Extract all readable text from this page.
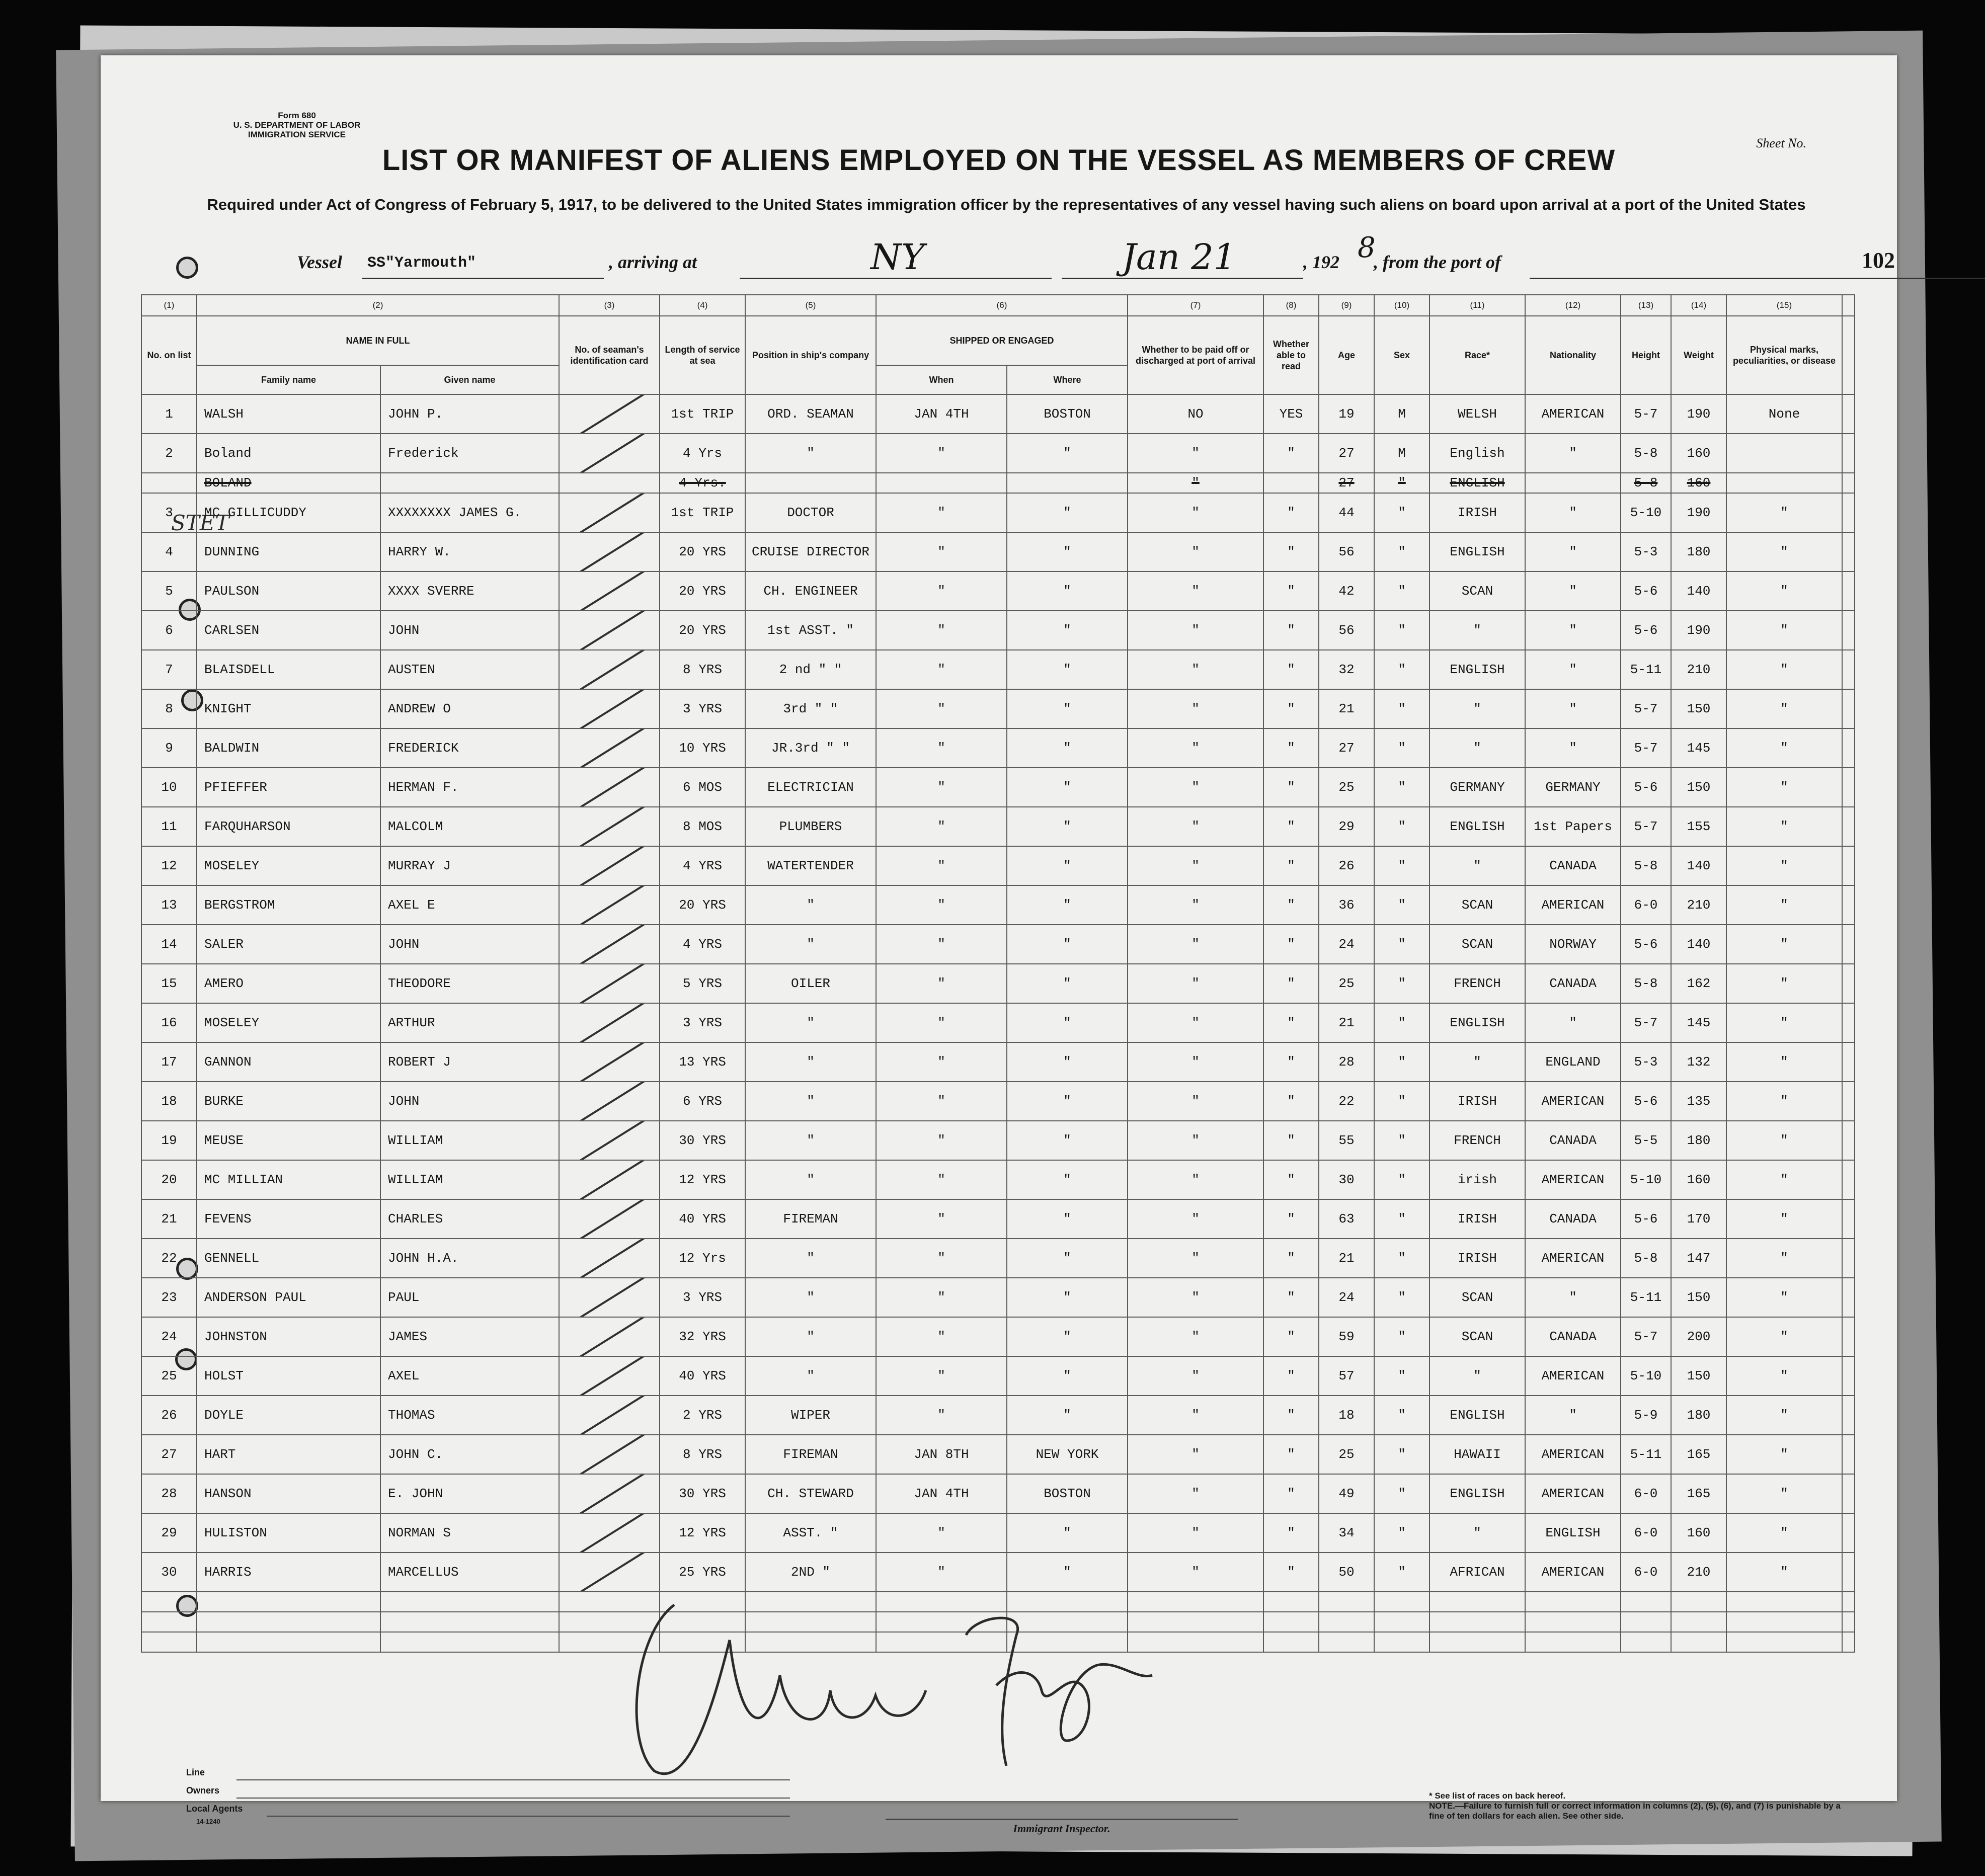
Form 680
U. S. DEPARTMENT OF LABOR
IMMIGRATION SERVICE
Sheet No.
LIST OR MANIFEST OF ALIENS EMPLOYED ON THE VESSEL AS MEMBERS OF CREW
Required under Act of Congress of February 5, 1917, to be delivered to the United States immigration officer by the representatives of any vessel having such aliens on board upon arrival at a port of the United States
Vessel SS"Yarmouth"	, arriving at	NY	Jan 21	, 192 8
, from the port of	102
STET
(1)	(2)		(3)	(4)	(5)	(6)		(7)	(8)	(9)	(10)	(11)	(12)	(13)	(14)	(15)	
No. on list	NAME IN FULL		No. of seaman's identification card	Length of service at sea	Position in ship's company	SHIPPED OR ENGAGED		Whether to be paid off or discharged at port of arrival	Whether able to read	Age	Sex	Race*	Nationality	Height	Weight	Physical marks, peculiarities, or disease	
	Family name	Given name				When	Where										
1	WALSH	JOHN P.		1st TRIP	ORD. SEAMAN	JAN 4TH	BOSTON	NO	YES	19	M	WELSH	AMERICAN	5-7	190	None	
2	Boland	Frederick		4 Yrs	"	"	"	"	"	27	M	English	"	5-8	160		
	BOLAND			4 Yrs.				"		27	"	ENGLISH		5-8	160		
3	MC GILLICUDDY	XXXXXXXX JAMES G.		1st TRIP	DOCTOR	"	"	"	"	44	"	IRISH	"	5-10	190	"	
4	DUNNING	HARRY W.		20 YRS	CRUISE DIRECTOR	"	"	"	"	56	"	ENGLISH	"	5-3	180	"	
5	PAULSON	XXXX SVERRE		20 YRS	CH. ENGINEER	"	"	"	"	42	"	SCAN	"	5-6	140	"	
6	CARLSEN	JOHN		20 YRS	1st ASST. "	"	"	"	"	56	"	"	"	5-6	190	"	
7	BLAISDELL	AUSTEN		8 YRS	2 nd " "	"	"	"	"	32	"	ENGLISH	"	5-11	210	"	
8	KNIGHT	ANDREW O		3 YRS	3rd " "	"	"	"	"	21	"	"	"	5-7	150	"	
9	BALDWIN	FREDERICK		10 YRS	JR.3rd " "	"	"	"	"	27	"	"	"	5-7	145	"	
10	PFIEFFER	HERMAN F.		6 MOS	ELECTRICIAN	"	"	"	"	25	"	GERMANY	GERMANY	5-6	150	"	
11	FARQUHARSON	MALCOLM		8 MOS	PLUMBERS	"	"	"	"	29	"	ENGLISH	1st Papers	5-7	155	"	
12	MOSELEY	MURRAY J		4 YRS	WATERTENDER	"	"	"	"	26	"	"	CANADA	5-8	140	"	
13	BERGSTROM	AXEL E		20 YRS	"	"	"	"	"	36	"	SCAN	AMERICAN	6-0	210	"	
14	SALER	JOHN		4 YRS	"	"	"	"	"	24	"	SCAN	NORWAY	5-6	140	"	
15	AMERO	THEODORE		5 YRS	OILER	"	"	"	"	25	"	FRENCH	CANADA	5-8	162	"	
16	MOSELEY	ARTHUR		3 YRS	"	"	"	"	"	21	"	ENGLISH	"	5-7	145	"	
17	GANNON	ROBERT J		13 YRS	"	"	"	"	"	28	"	"	ENGLAND	5-3	132	"	
18	BURKE	JOHN		6 YRS	"	"	"	"	"	22	"	IRISH	AMERICAN	5-6	135	"	
19	MEUSE	WILLIAM		30 YRS	"	"	"	"	"	55	"	FRENCH	CANADA	5-5	180	"	
20	MC MILLIAN	WILLIAM		12 YRS	"	"	"	"	"	30	"	irish	AMERICAN	5-10	160	"	
21	FEVENS	CHARLES		40 YRS	FIREMAN	"	"	"	"	63	"	IRISH	CANADA	5-6	170	"	
22	GENNELL	JOHN H.A.		12 Yrs	"	"	"	"	"	21	"	IRISH	AMERICAN	5-8	147	"	
23	ANDERSON PAUL	PAUL		3 YRS	"	"	"	"	"	24	"	SCAN	"	5-11	150	"	
24	JOHNSTON	JAMES		32 YRS	"	"	"	"	"	59	"	SCAN	CANADA	5-7	200	"	
25	HOLST	AXEL		40 YRS	"	"	"	"	"	57	"	"	AMERICAN	5-10	150	"	
26	DOYLE	THOMAS		2 YRS	WIPER	"	"	"	"	18	"	ENGLISH	"	5-9	180	"	
27	HART	JOHN C.		8 YRS	FIREMAN	JAN 8TH	NEW YORK	"	"	25	"	HAWAII	AMERICAN	5-11	165	"	
28	HANSON	E. JOHN		30 YRS	CH. STEWARD	JAN 4TH	BOSTON	"	"	49	"	ENGLISH	AMERICAN	6-0	165	"	
29	HULISTON	NORMAN S		12 YRS	ASST. "	"	"	"	"	34	"	"	ENGLISH	6-0	160	"	
30	HARRIS	MARCELLUS		25 YRS	2ND "	"	"	"	"	50	"	AFRICAN	AMERICAN	6-0	210	"	

Line
Owners
Local Agents
14-1240
Immigrant Inspector.
* See list of races on back hereof.
NOTE.—Failure to furnish full or correct information in columns (2), (5), (6), and (7) is punishable by a fine of ten dollars for each alien. See other side.
